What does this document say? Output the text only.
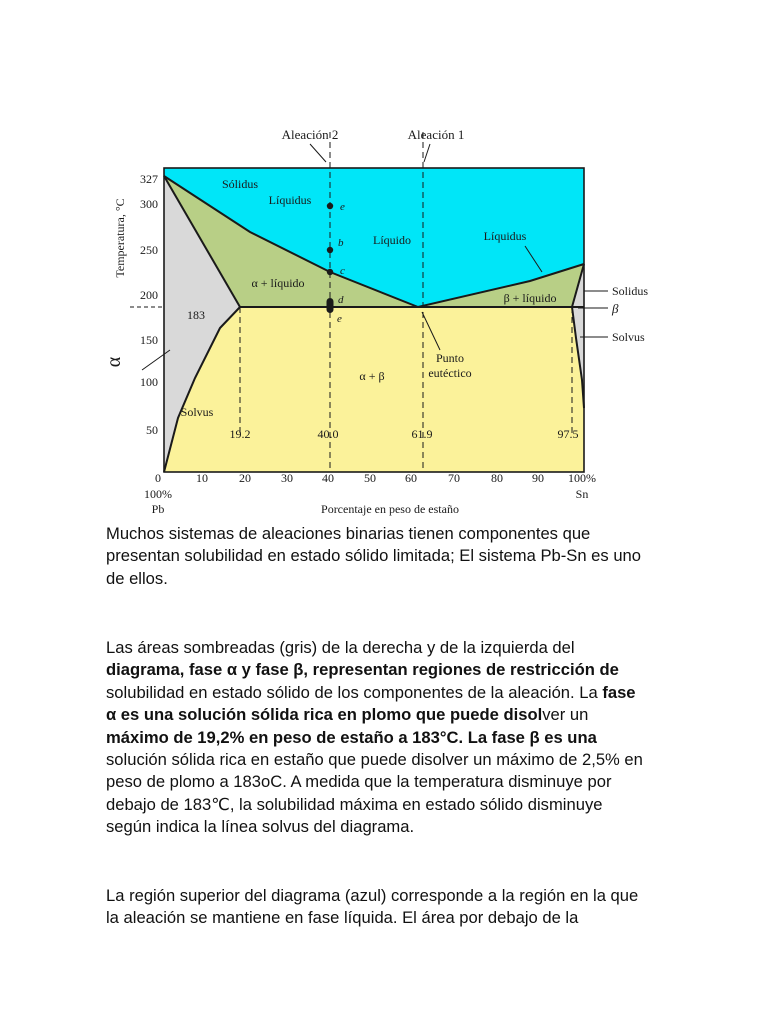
Aleación 2	Aleación 1
327
300
250
200
150
100
50
Temperatura, °C
α
0	10	20	30 40	50 60	70	80 90 100%
100%
Pb
Sn
Porcentaje en peso de estaño
Sólidus
Líquidus
Líquido	Líquidus
α + líquido
β + líquido
α + β
Solvus
Punto
eutéctico
183
19.2	40.0	61.9	97.5
e
b
c
d
e
Solidus
β
Solvus

Muchos sistemas de aleaciones binarias tienen componentes que presentan solubilidad en estado sólido limitada; El sistema Pb-Sn es uno de ellos.

Las áreas sombreadas (gris) de la derecha y de la izquierda del diagrama, fase α y fase β, representan regiones de restricción de solubilidad en estado sólido de los componentes de la aleación. La fase α es una solución sólida rica en plomo que puede disolver un máximo de 19,2% en peso de estaño a 183°C. La fase β es una solución sólida rica en estaño que puede disolver un máximo de 2,5% en peso de plomo a 183oC. A medida que la temperatura disminuye por debajo de 183℃, la solubilidad máxima en estado sólido disminuye según indica la línea solvus del diagrama.

La región superior del diagrama (azul) corresponde a la región en la que la aleación se mantiene en fase líquida. El área por debajo de la
